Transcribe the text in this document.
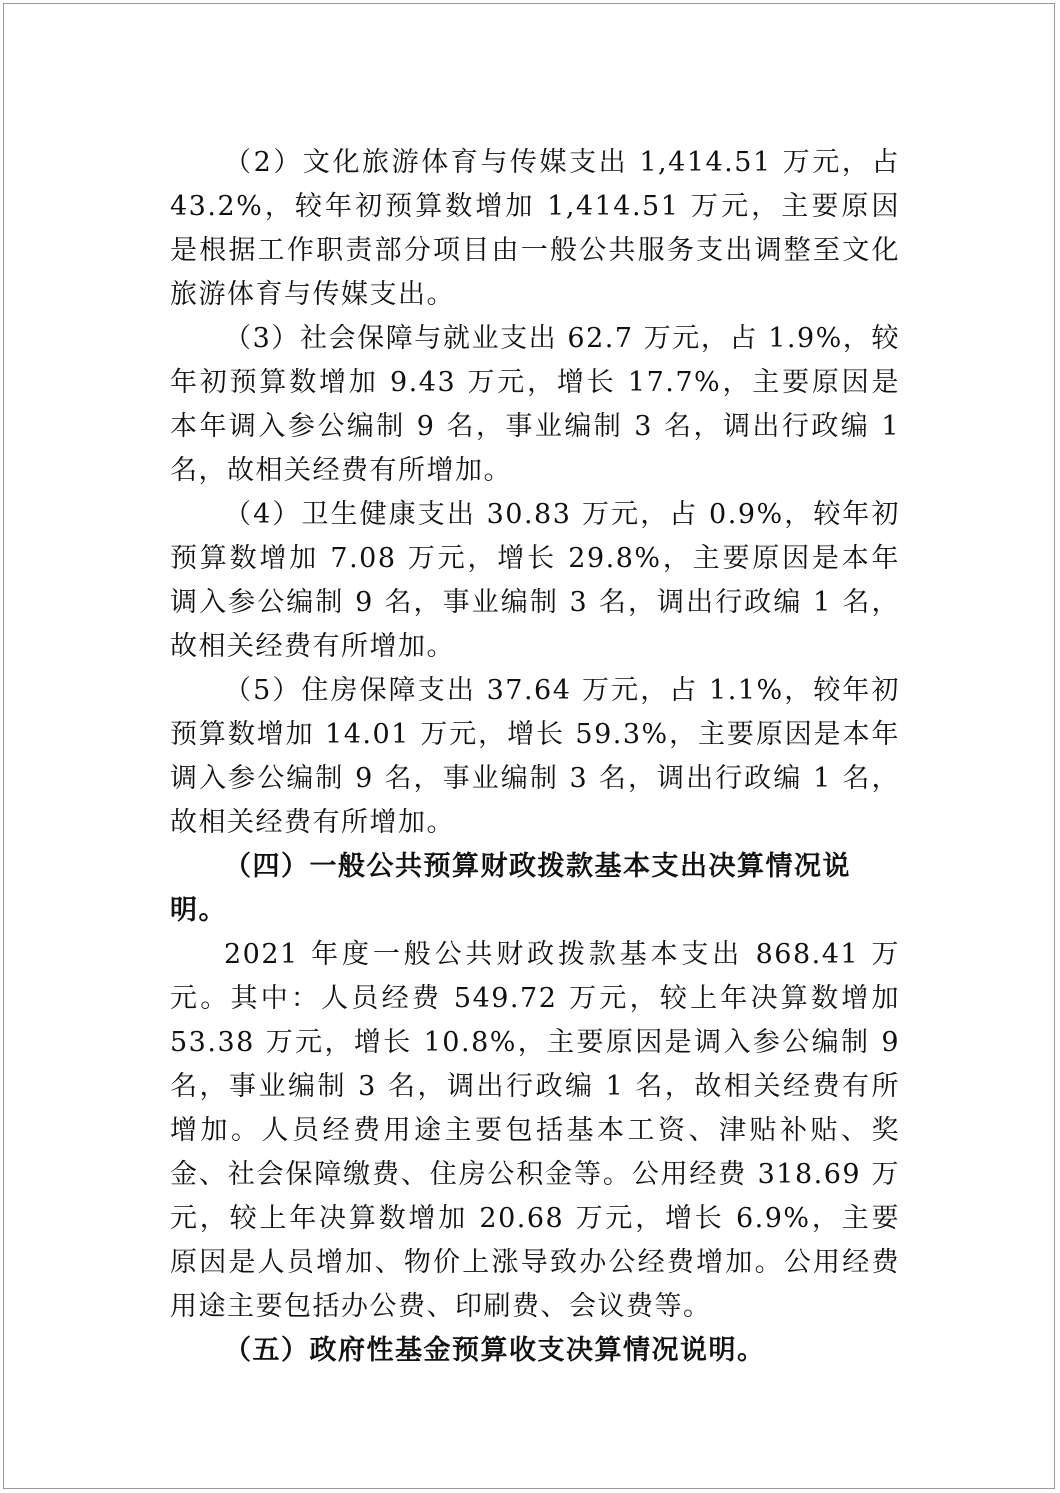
（2）文化旅游体育与传媒支出 1,414.51 万元，占 43.2%，较年初预算数增加 1,414.51 万元，主要原因是根据工作职责部分项目由一般公共服务支出调整至文化旅游体育与传媒支出。

（3）社会保障与就业支出 62.7 万元，占 1.9%，较年初预算数增加 9.43 万元，增长 17.7%，主要原因是本年调入参公编制 9 名，事业编制 3 名，调出行政编 1 名，故相关经费有所增加。

（4）卫生健康支出 30.83 万元，占 0.9%，较年初预算数增加 7.08 万元，增长 29.8%，主要原因是本年调入参公编制 9 名，事业编制 3 名，调出行政编 1 名，故相关经费有所增加。

（5）住房保障支出 37.64 万元，占 1.1%，较年初预算数增加 14.01 万元，增长 59.3%，主要原因是本年调入参公编制 9 名，事业编制 3 名，调出行政编 1 名，故相关经费有所增加。

（四）一般公共预算财政拨款基本支出决算情况说明。

2021 年度一般公共财政拨款基本支出 868.41 万元。其中：人员经费 549.72 万元，较上年决算数增加 53.38 万元，增长 10.8%，主要原因是调入参公编制 9 名，事业编制 3 名，调出行政编 1 名，故相关经费有所增加。人员经费用途主要包括基本工资、津贴补贴、奖金、社会保障缴费、住房公积金等。公用经费 318.69 万元，较上年决算数增加 20.68 万元，增长 6.9%，主要原因是人员增加、物价上涨导致办公经费增加。公用经费用途主要包括办公费、印刷费、会议费等。

（五）政府性基金预算收支决算情况说明。
